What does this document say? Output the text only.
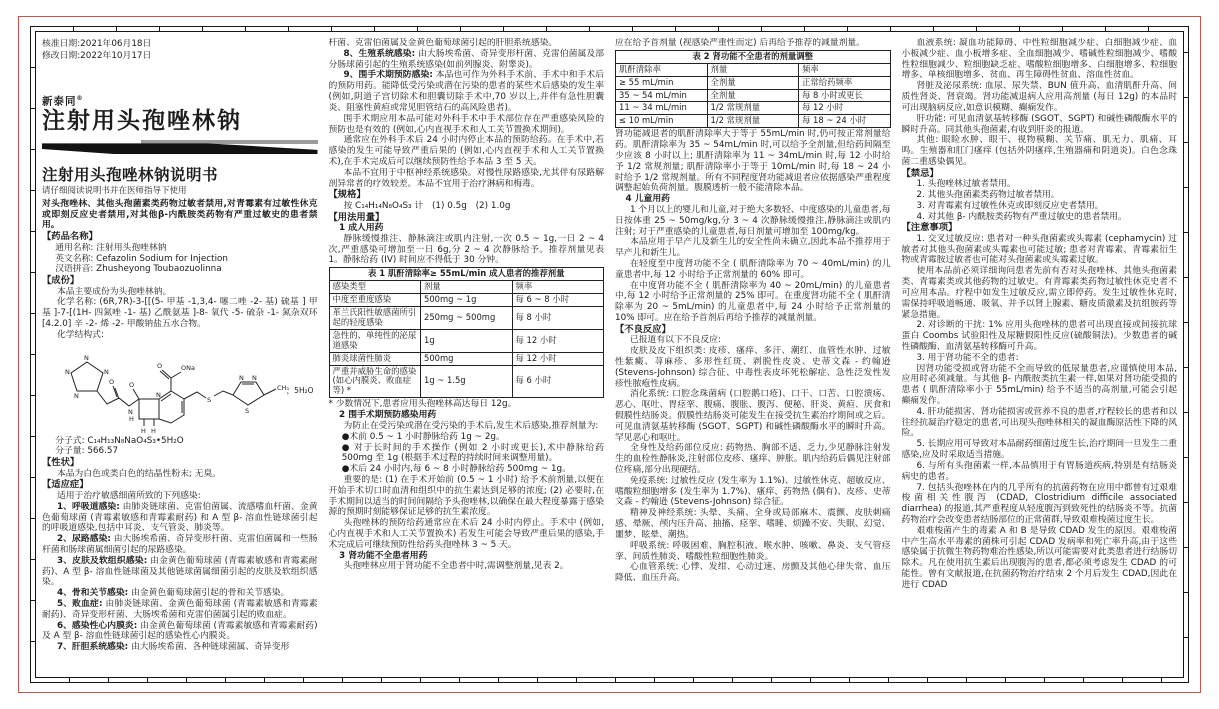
核准日期:2021年06月18日
修改日期:2022年10月17日
新泰同®
注射用头孢唑林钠
注射用头孢唑林钠说明书
请仔细阅读说明书并在医师指导下使用
对头孢唑林、其他头孢菌素类药物过敏者禁用,对青霉素有过敏性休克或即刻反应史者禁用,对其他β-内酰胺类药物有严重过敏史的患者禁用。
【药品名称】
通用名称: 注射用头孢唑林钠
英文名称: Cefazolin Sodium for Injection
汉语拼音: Zhusheyong Toubaozuolinna
【成份】
本品主要成份为头孢唑林钠。
化学名称: (6R,7R)-3-[[(5- 甲基 -1,3,4- 噻二唑 -2- 基) 硫基 ] 甲基 ]-7-[(1H- 四氮唑 -1- 基) 乙酰氨基 ]-8- 氧代 -5- 硫杂 -1- 氮杂双环 [4.2.0] 辛 -2- 烯 -2- 甲酸钠盐五水合物。
化学结构式:
N
N
N
N
O
N
H
O
N
O	ONa
S
N N
S
CH₃
H H
，5H₂O
分子式: C₁₄H₁₃N₈NaO₄S₃•5H₂O
分子量: 566.57
【性状】
本品为白色或类白色的结晶性粉末; 无臭。
【适应症】
适用于治疗敏感细菌所致的下列感染:
1、呼吸道感染: 由肺炎链球菌、克雷伯菌属、流感嗜血杆菌、金黄色葡萄球菌 (青霉素敏感和青霉素耐药) 和 A 型 β- 溶血性链球菌引起的呼吸道感染,包括中耳炎、支气管炎、肺炎等。
2、尿路感染: 由大肠埃希菌、奇异变形杆菌、克雷伯菌属和一些肠杆菌和肠球菌属细菌引起的尿路感染。
3、皮肤及软组织感染: 由金黄色葡萄球菌 (青霉素敏感和青霉素耐药)、A 型 β- 溶血性链球菌及其他链球菌属细菌引起的皮肤及软组织感染。
4、骨和关节感染: 由金黄色葡萄球菌引起的骨和关节感染。
5、败血症: 由肺炎链球菌、金黄色葡萄球菌 (青霉素敏感和青霉素耐药)、奇异变形杆菌、大肠埃希菌和克雷伯菌属引起的败血症。
6、感染性心内膜炎: 由金黄色葡萄球菌 (青霉素敏感和青霉素耐药) 及 A 型 β- 溶血性链球菌引起的感染性心内膜炎。
7、肝胆系统感染: 由大肠埃希菌、各种链球菌属、奇异变形
杆菌、克雷伯菌属及金黄色葡萄球菌引起的肝胆系统感染。
8、生殖系统感染: 由大肠埃希菌、奇异变形杆菌、克雷伯菌属及部分肠球菌引起的生殖系统感染(如前列腺炎、附睾炎)。
9、围手术期预防感染: 本品也可作为外科手术前、手术中和手术后的预防用药。能降低受污染或潜在污染的患者的某些术后感染的发生率 (例如,阴道子宫切除术和胆囊切除手术中,70 岁以上,并伴有急性胆囊炎、阻塞性黄疸或常见胆管结石的高风险患者)。
围手术期应用本品可能对外科手术中手术部位存在严重感染风险的预防也是有效的 (例如,心内直视手术和人工关节置换术期间)。
通常应在外科手术后 24 小时内停止本品的预防给药。在手术中,若感染的发生可能导致严重后果的 (例如,心内直视手术和人工关节置换术),在手术完成后可以继续预防性给予本品 3 至 5 天。
本品不宜用于中枢神经系统感染。对慢性尿路感染,尤其伴有尿路解剖异常者的疗效较差。本品不宜用于治疗淋病和梅毒。
【规格】
按 C₁₄H₁₄N₈O₄S₃ 计　(1) 0.5g　(2) 1.0g
【用法用量】
1 成人用药
静脉缓慢推注、静脉滴注或肌内注射,一次 0.5 ~ 1g,一日 2 ~ 4 次,严重感染可增加至一日 6g,分 2 ~ 4 次静脉给予。推荐剂量见表 1。静脉给药 (IV) 时间应不得低于 30 分钟。
表 1 肌酐清除率≥ 55mL/min 成人患者的推荐剂量		
感染类型	剂量	频率
中度至重度感染	500mg ~ 1g	每 6 ~ 8 小时
革兰氏阳性敏感菌所引起的轻度感染	250mg ~ 500mg	每 8 小时
急性的、单纯性的泌尿道感染	1g	每 12 小时
肺炎球菌性肺炎	500mg	每 12 小时
严重并威胁生命的感染 (如心内膜炎、败血症等) *	1g ~ 1.5g	每 6 小时
* 少数情况下,患者应用头孢唑林高达每日 12g。
2 围手术期预防感染用药
为防止在受污染或潜在受污染的手术后,发生术后感染,推荐剂量为:
●术前 0.5 ~ 1 小时静脉给药 1g ~ 2g。
● 对于长时间的手术操作 (例如 2 小时或更长),术中静脉给药 500mg 至 1g (根据手术过程的持续时间来调整用量)。
●术后 24 小时内,每 6 ~ 8 小时静脉给药 500mg ~ 1g。
重要的是: (1) 在手术开始前 (0.5 ~ 1 小时) 给予术前剂量,以便在开始手术切口时血清和组织中的抗生素达到足够的浓度; (2) 必要时,在手术期间以适当的时间间隔给予头孢唑林,以确保在最大程度暴露于感染源的预期时刻能够保证足够的抗生素浓度。
头孢唑林的预防给药通常应在术后 24 小时内停止。手术中 (例如,心内直视手术和人工关节置换术) 若发生可能会导致严重后果的感染,手术完成后可继续预防性给药头孢唑林 3 ~ 5 天。
3 肾功能不全患者用药
头孢唑林应用于肾功能不全患者中时,需调整剂量,见表 2。
应在给予首剂量 (视感染严重性而定) 后再给予推荐的减量剂量。
表 2 肾功能不全患者的剂量调整		
肌酐清除率	剂量	频率
≥ 55 mL/min	全剂量	正常给药频率
35 ~ 54 mL/min	全剂量	每 8 小时或更长
11 ~ 34 mL/min	1/2 常规剂量	每 12 小时
≤ 10 mL/min	1/2 常规剂量	每 18 ~ 24 小时
肾功能减退者的肌酐清除率大于等于 55mL/min 时,仍可按正常剂量给药。肌酐清除率为 35 ~ 54mL/min 时,可以给予全剂量,但给药间隔至少应该 8 小时以上; 肌酐清除率为 11 ~ 34mL/min 时,每 12 小时给予 1/2 常规剂量; 肌酐清除率小于等于 10mL/min 时,每 18 ~ 24 小时给予 1/2 常规剂量。所有不同程度肾功能减退者应依据感染严重程度调整起始负荷剂量。腹膜透析一般不能清除本品。
4 儿童用药
1 个月以上的婴儿和儿童,对于绝大多数轻、中度感染的儿童患者,每日按体重 25 ~ 50mg/kg,分 3 ~ 4 次静脉缓慢推注,静脉滴注或肌内注射; 对于严重感染的儿童患者,每日剂量可增加至 100mg/kg。
本品应用于早产儿及新生儿的安全性尚未确立,因此本品不推荐用于早产儿和新生儿。
在轻度至中度肾功能不全 ( 肌酐清除率为 70 ~ 40mL/min) 的儿童患者中,每 12 小时给予正常剂量的 60% 即可。
在中度肾功能不全 ( 肌酐清除率为 40 ~ 20mL/min) 的儿童患者中,每 12 小时给予正常剂量的 25% 即可。在重度肾功能不全 ( 肌酐清除率为 20 ~ 5mL/min) 的儿童患者中,每 24 小时给予正常剂量的 10% 即可。应在给予首剂后再给予推荐的减量剂量。
【不良反应】
已报道有以下不良反应:
皮肤及皮下组织类: 皮疹、瘙痒、多汗、潮红、血管性水肿、过敏性紫癜、荨麻疹、多形性红斑、剥脱性皮炎、史蒂文森 - 约翰逊 (Stevens-Johnson) 综合征、中毒性表皮坏死松解症、急性泛发性发疹性脓疱性皮病。
消化系统: 口腔念珠菌病 (口腔鹅口疮)、口干、口苦、口腔溃疡、恶心、呕吐、胃痉挛、腹痛、腹胀、腹泻、便秘、肝炎、黄疸、厌食和假膜性结肠炎。假膜性结肠炎可能发生在接受抗生素治疗期间或之后。可见血清氨基转移酶 (SGOT、SGPT) 和碱性磷酸酶水平的瞬时升高。罕见恶心和呕吐。
全身性及给药部位反应: 药物热、胸部不适、乏力,少见静脉注射发生的血栓性静脉炎,注射部位皮疹、瘙痒、肿胀。肌内给药后偶见注射部位疼痛,部分出现硬结。
免疫系统: 过敏性反应 (发生率为 1.1%)、过敏性休克、超敏反应、嗜酸粒细胞增多 (发生率为 1.7%)、瘙痒、药物热 (偶有)、皮疹、史蒂文森 - 约翰逊 (Stevens-Johnson) 综合征。
精神及神经系统: 头晕、头痛、全身或局部麻木、震颤、皮肤刺痛感、晕厥、颅内压升高、抽搐、痉挛、嗜睡、烦躁不安、失眠、幻觉、噩梦、眩晕、潮热。
呼吸系统: 呼吸困难、胸腔积液、喉水肿、咳嗽、鼻炎、支气管痉挛、间质性肺炎、嗜酸性粒细胞性肺炎。
心血管系统: 心悸、发绀、心动过速、房颤及其他心律失常、血压降低、血压升高。
血液系统: 凝血功能障碍、中性粒细胞减少症、白细胞减少症、血小板减少症、血小板增多症、全血细胞减少、嗜碱性粒细胞减少、嗜酸性粒细胞减少、粒细胞缺乏症、嗜酸粒细胞增多、白细胞增多、粒细胞增多、单核细胞增多、贫血、再生障碍性贫血、溶血性贫血。
肾脏及泌尿系统: 血尿、尿失禁、BUN 值升高、血清肌酐升高、间质性肾炎、肾衰竭。肾功能减退病人应用高剂量 (每日 12g) 的本品时可出现脑病反应,如意识模糊、癫痫发作。
肝功能: 可见血清氨基转移酶 (SGOT、SGPT) 和碱性磷酸酶水平的瞬时升高。同其他头孢菌素,有收到肝炎的报道。
其他: 眼睑水肿、眼干、视物模糊、关节痛、肌无力、肌痛、耳鸣。生殖器和肛门瘙痒 (包括外阴瘙痒,生殖器痛和阴道炎)。白色念珠菌二重感染偶见。
【禁忌】
1. 头孢唑林过敏者禁用。
2. 其他头孢菌素类药物过敏者禁用。
3. 对青霉素有过敏性休克或即刻反应史者禁用。
4. 对其他 β- 内酰胺类药物有严重过敏史的患者禁用。
【注意事项】
1. 交叉过敏反应: 患者对一种头孢菌素或头霉素 (cephamycin) 过敏者对其他头孢菌素或头霉素也可能过敏; 患者对青霉素、青霉素衍生物或青霉胺过敏者也可能对头孢菌素或头霉素过敏。
使用本品前必须详细询问患者先前有否对头孢唑林、其他头孢菌素类、青霉素类或其他药物的过敏史。有青霉素类药物过敏性休克史者不可应用本品。疗程中如发生过敏反应,需立即停药。发生过敏性休克时,需保持呼吸道畅通、吸氧、并予以肾上腺素、糖皮质激素及抗组胺药等紧急措施。
2. 对诊断的干扰: 1% 应用头孢唑林的患者可出现直接或间接抗球蛋白 Coombs 试验阳性及尿糖假阳性反应(硫酸铜法)。少数患者的碱性磷酸酶、血清氨基转移酶可升高。
3. 用于肾功能不全的患者:
因肾功能受损或肾功能不全而导致的低尿量患者,应谨慎使用本品,应用时必须减量。与其他 β- 内酰胺类抗生素一样,如果对肾功能受损的患者 ( 肌酐清除率小于 55mL/min) 给予不适当的高剂量,可能会引起癫痫发作。
4. 肝功能损害、肾功能损害或营养不良的患者,疗程较长的患者和以往经抗凝治疗稳定的患者,可出现头孢唑林相关的凝血酶原活性下降的风险。
5. 长期应用可导致对本品耐药细菌过度生长,治疗期间一旦发生二重感染,应及时采取适当措施。
6. 与所有头孢菌素一样,本品慎用于有胃肠道疾病,特别是有结肠炎病史的患者。
7. 包括头孢唑林在内的几乎所有的抗菌药物在应用中都曾有过艰难梭菌相关性腹泻 (CDAD, Clostridium difficile associated diarrhea) 的报道,其严重程度从轻度腹泻到致死性的结肠炎不等。抗菌药物治疗会改变患者结肠部位的正常菌群,导致艰难梭菌过度生长。
艰难梭菌产生的毒素 A 和 B 是导致 CDAD 发生的原因。艰难梭菌中产生高水平毒素的菌株可引起 CDAD 发病率和死亡率升高,由于这些感染属于抗微生物药物难治性感染,所以可能需要对此类患者进行结肠切除术。凡在使用抗生素后出现腹泻的患者,都必须考虑发生 CDAD 的可能性。曾有文献报道,在抗菌药物治疗结束 2 个月后发生 CDAD,因此在进行 CDAD
